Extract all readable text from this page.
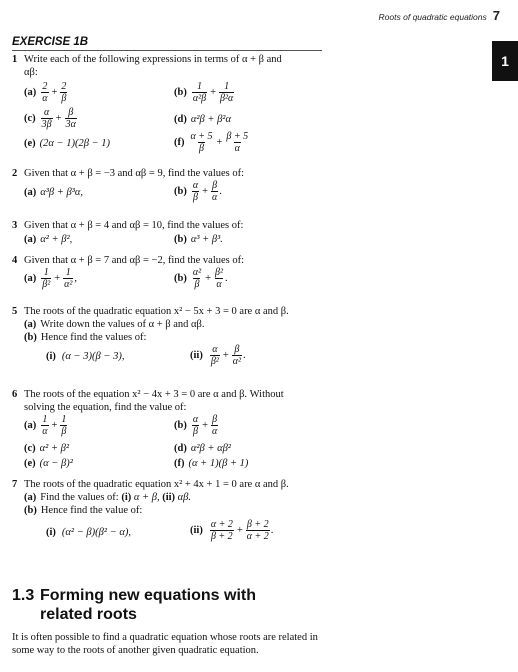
Roots of quadratic equations 7
1
EXERCISE 1B
1 Write each of the following expressions in terms of α + β and
αβ:
$(a) \frac{2}{\alpha} + \frac{2}{\beta}$	$(b) \frac{1}{\text{α²β}} + \frac{1}{\text{β²α}}$
$(c) \frac{\alpha}{3\beta} + \frac{\beta}{3\alpha}$	(d) α²β + β²α
(e) (2α − 1)(2β − 1)	$(f) \frac{\alpha + 5}{\beta} + \frac{\beta + 5}{\alpha}$
2 Given that α + β = −3 and αβ = 9, find the values of:
(a) α³β + β³α,	$(b) \frac{\alpha}{\beta} + \frac{\beta}{\alpha}$ .
3 Given that α + β = 4 and αβ = 10, find the values of:
(a) α² + β²,	(b) α³ + β³.
4 Given that α + β = 7 and αβ = −2, find the values of:
$(a) \frac{1}{\text{β²}} + \frac{1}{\text{α²}}$ ,	$(b) \frac{\text{α²}}{\beta} + \frac{\text{β²}}{\alpha}$ .
5 The roots of the quadratic equation x² − 5x + 3 = 0 are α and β.
(a) Write down the values of α + β and αβ.
(b) Hence find the values of:
(i) (α − 3)(β − 3),	$(ii) \frac{\alpha}{\text{β²}} + \frac{\beta}{\text{α²}}$ .
6 The roots of the equation x² − 4x + 3 = 0 are α and β. Without
solving the equation, find the value of:
$(a) \frac{1}{\alpha} + \frac{1}{\beta}$	$(b) \frac{\alpha}{\beta} + \frac{\beta}{\alpha}$
(c) α² + β²	(d) α²β + αβ²
(e) (α − β)²	(f) (α + 1)(β + 1)
7 The roots of the quadratic equation x² + 4x + 1 = 0 are α and β.
(a) Find the values of: (i) α + β, (ii) αβ.
(b) Hence find the value of:
(i) (α² − β)(β² − α),	$(ii) \frac{\alpha + 2}{\beta + 2} + \frac{\beta + 2}{\alpha + 2}$ .
1.3 Forming new equations with
related roots
It is often possible to find a quadratic equation whose roots are related in some way to the roots of another given quadratic equation.
